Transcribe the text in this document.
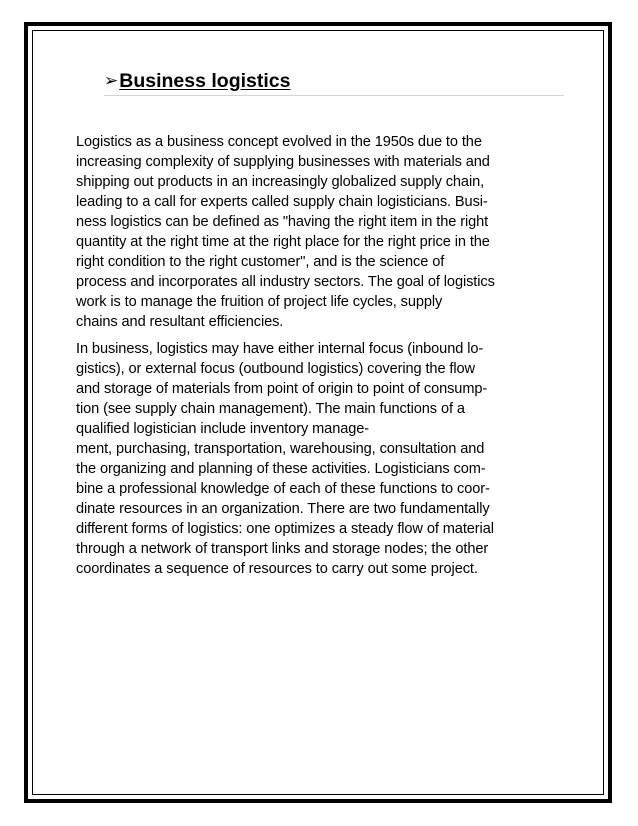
➢Business logistics

Logistics as a business concept evolved in the 1950s due to the
increasing complexity of supplying businesses with materials and
shipping out products in an increasingly globalized supply chain,
leading to a call for experts called supply chain logisticians. Busi-
ness logistics can be defined as "having the right item in the right
quantity at the right time at the right place for the right price in the
right condition to the right customer", and is the science of
process and incorporates all industry sectors. The goal of logistics
work is to manage the fruition of project life cycles, supply
chains and resultant efficiencies.

In business, logistics may have either internal focus (inbound lo-
gistics), or external focus (outbound logistics) covering the flow
and storage of materials from point of origin to point of consump-
tion (see supply chain management). The main functions of a
qualified logistician include inventory manage-
ment, purchasing, transportation, warehousing, consultation and
the organizing and planning of these activities. Logisticians com-
bine a professional knowledge of each of these functions to coor-
dinate resources in an organization. There are two fundamentally
different forms of logistics: one optimizes a steady flow of material
through a network of transport links and storage nodes; the other
coordinates a sequence of resources to carry out some project.
